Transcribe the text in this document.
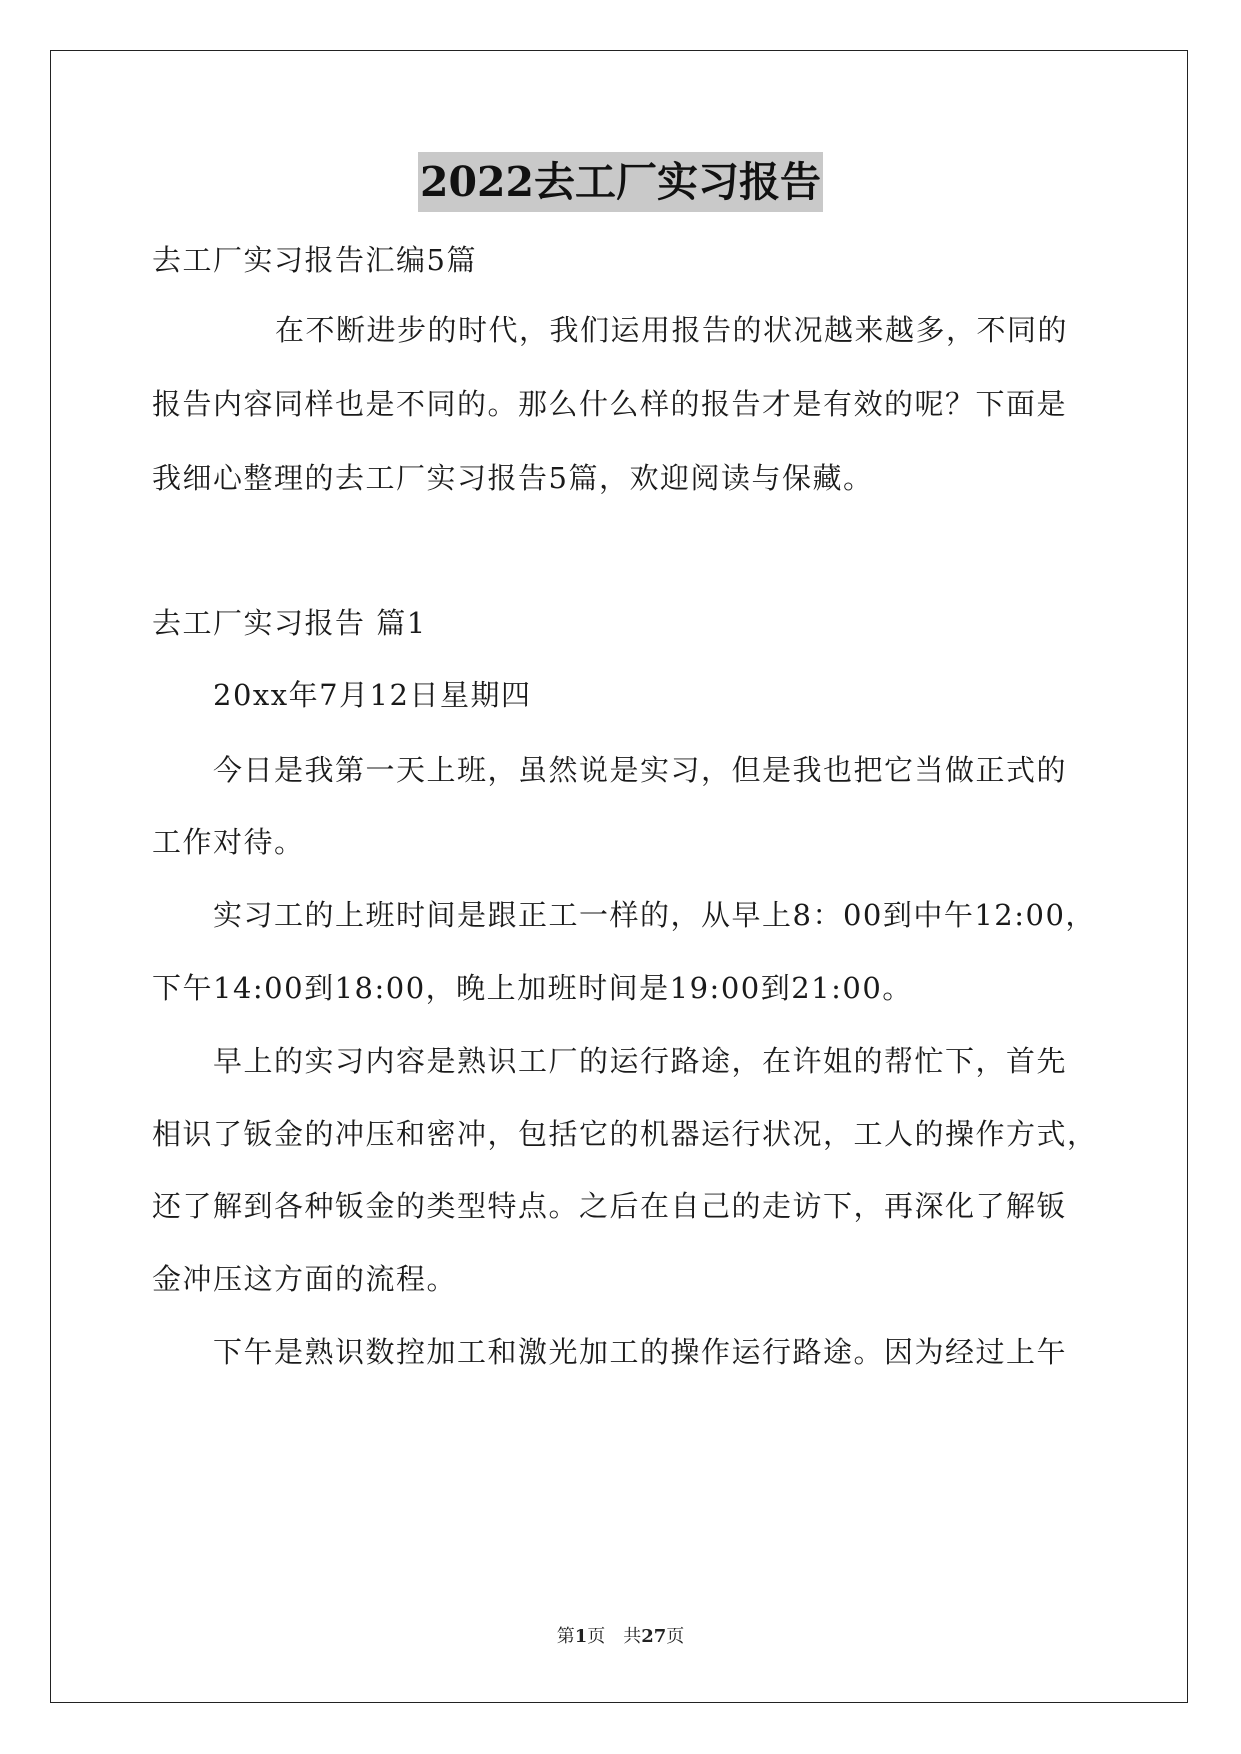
2022去工厂实习报告
去工厂实习报告汇编5篇
在不断进步的时代，我们运用报告的状况越来越多，不同的
报告内容同样也是不同的。那么什么样的报告才是有效的呢？下面是
我细心整理的去工厂实习报告5篇，欢迎阅读与保藏。
去工厂实习报告 篇1
20xx年7月12日星期四
今日是我第一天上班，虽然说是实习，但是我也把它当做正式的
工作对待。
实习工的上班时间是跟正工一样的，从早上8：00到中午12:00，
下午14:00到18:00，晚上加班时间是19:00到21:00。
早上的实习内容是熟识工厂的运行路途，在许姐的帮忙下，首先
相识了钣金的冲压和密冲，包括它的机器运行状况，工人的操作方式，
还了解到各种钣金的类型特点。之后在自己的走访下，再深化了解钣
金冲压这方面的流程。
下午是熟识数控加工和激光加工的操作运行路途。因为经过上午
第1页 共27页
